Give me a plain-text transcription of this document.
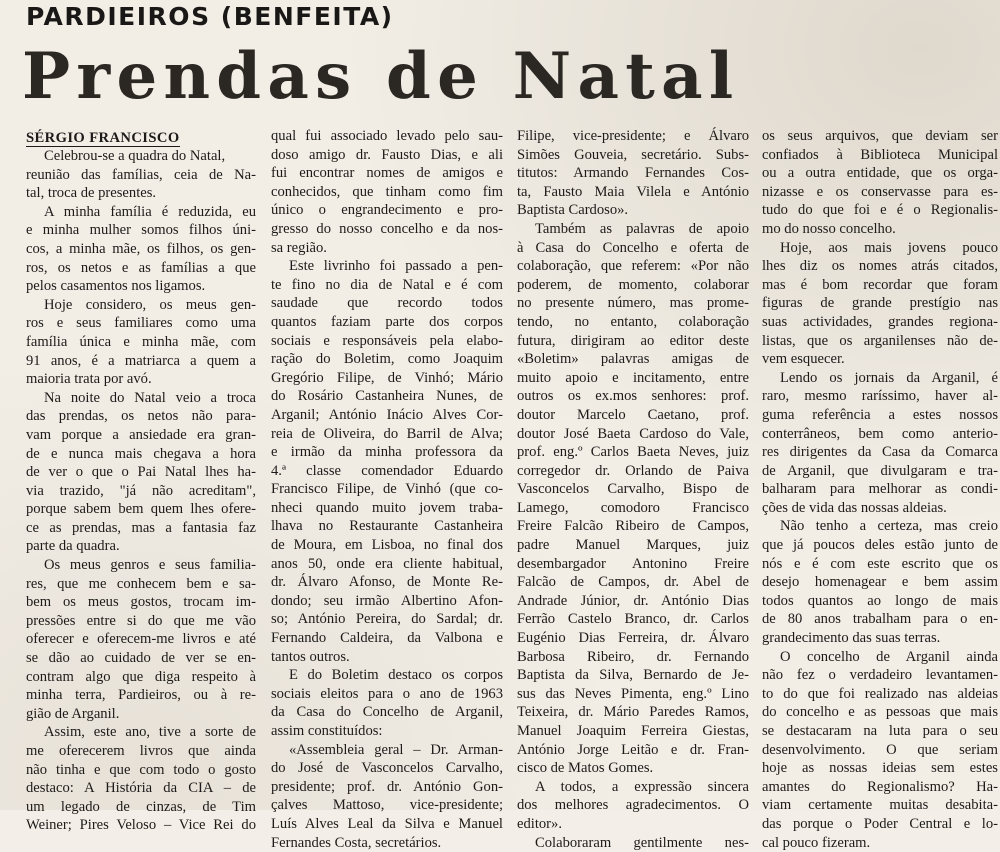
PARDIEIROS (BENFEITA)
Prendas de Natal
SÉRGIO FRANCISCO
Celebrou-se a quadra do Natal,
reunião das famílias, ceia de Na-
tal, troca de presentes.
A minha família é reduzida, eu
e minha mulher somos filhos úni-
cos, a minha mãe, os filhos, os gen-
ros, os netos e as famílias a que
pelos casamentos nos ligamos.
Hoje considero, os meus gen-
ros e seus familiares como uma
família única e minha mãe, com
91 anos, é a matriarca a quem a
maioria trata por avó.
Na noite do Natal veio a troca
das prendas, os netos não para-
vam porque a ansiedade era gran-
de e nunca mais chegava a hora
de ver o que o Pai Natal lhes ha-
via trazido, "já não acreditam",
porque sabem bem quem lhes ofere-
ce as prendas, mas a fantasia faz
parte da quadra.
Os meus genros e seus familia-
res, que me conhecem bem e sa-
bem os meus gostos, trocam im-
pressões entre si do que me vão
oferecer e oferecem-me livros e até
se dão ao cuidado de ver se en-
contram algo que diga respeito à
minha terra, Pardieiros, ou à re-
gião de Arganil.
Assim, este ano, tive a sorte de
me oferecerem livros que ainda
não tinha e que com todo o gosto
destaco: A História da CIA – de
um legado de cinzas, de Tim
Weiner; Pires Veloso – Vice Rei do
qual fui associado levado pelo sau-
doso amigo dr. Fausto Dias, e ali
fui encontrar nomes de amigos e
conhecidos, que tinham como fim
único o engrandecimento e pro-
gresso do nosso concelho e da nos-
sa região.
Este livrinho foi passado a pen-
te fino no dia de Natal e é com
saudade que recordo todos
quantos faziam parte dos corpos
sociais e responsáveis pela elabo-
ração do Boletim, como Joaquim
Gregório Filipe, de Vinhó; Mário
do Rosário Castanheira Nunes, de
Arganil; António Inácio Alves Cor-
reia de Oliveira, do Barril de Alva;
e irmão da minha professora da
4.ª classe comendador Eduardo
Francisco Filipe, de Vinhó (que co-
nheci quando muito jovem traba-
lhava no Restaurante Castanheira
de Moura, em Lisboa, no final dos
anos 50, onde era cliente habitual,
dr. Álvaro Afonso, de Monte Re-
dondo; seu irmão Albertino Afon-
so; António Pereira, do Sardal; dr.
Fernando Caldeira, da Valbona e
tantos outros.
E do Boletim destaco os corpos
sociais eleitos para o ano de 1963
da Casa do Concelho de Arganil,
assim constituídos:
«Assembleia geral – Dr. Arman-
do José de Vasconcelos Carvalho,
presidente; prof. dr. António Gon-
çalves Mattoso, vice-presidente;
Luís Alves Leal da Silva e Manuel
Fernandes Costa, secretários.
Filipe, vice-presidente; e Álvaro
Simões Gouveia, secretário. Subs-
titutos: Armando Fernandes Cos-
ta, Fausto Maia Vilela e António
Baptista Cardoso».
Também as palavras de apoio
à Casa do Concelho e oferta de
colaboração, que referem: «Por não
poderem, de momento, colaborar
no presente número, mas prome-
tendo, no entanto, colaboração
futura, dirigiram ao editor deste
«Boletim» palavras amigas de
muito apoio e incitamento, entre
outros os ex.mos senhores: prof.
doutor Marcelo Caetano, prof.
doutor José Baeta Cardoso do Vale,
prof. eng.º Carlos Baeta Neves, juiz
corregedor dr. Orlando de Paiva
Vasconcelos Carvalho, Bispo de
Lamego, comodoro Francisco
Freire Falcão Ribeiro de Campos,
padre Manuel Marques, juiz
desembargador Antonino Freire
Falcão de Campos, dr. Abel de
Andrade Júnior, dr. António Dias
Ferrão Castelo Branco, dr. Carlos
Eugénio Dias Ferreira, dr. Álvaro
Barbosa Ribeiro, dr. Fernando
Baptista da Silva, Bernardo de Je-
sus das Neves Pimenta, eng.º Lino
Teixeira, dr. Mário Paredes Ramos,
Manuel Joaquim Ferreira Giestas,
António Jorge Leitão e dr. Fran-
cisco de Matos Gomes.
A todos, a expressão sincera
dos melhores agradecimentos. O
editor».
Colaboraram gentilmente nes-
os seus arquivos, que deviam ser
confiados à Biblioteca Municipal
ou a outra entidade, que os orga-
nizasse e os conservasse para es-
tudo do que foi e é o Regionalis-
mo do nosso concelho.
Hoje, aos mais jovens pouco
lhes diz os nomes atrás citados,
mas é bom recordar que foram
figuras de grande prestígio nas
suas actividades, grandes regiona-
listas, que os arganilenses não de-
vem esquecer.
Lendo os jornais da Arganil, é
raro, mesmo raríssimo, haver al-
guma referência a estes nossos
conterrâneos, bem como anterio-
res dirigentes da Casa da Comarca
de Arganil, que divulgaram e tra-
balharam para melhorar as condi-
ções de vida das nossas aldeias.
Não tenho a certeza, mas creio
que já poucos deles estão junto de
nós e é com este escrito que os
desejo homenagear e bem assim
todos quantos ao longo de mais
de 80 anos trabalham para o en-
grandecimento das suas terras.
O concelho de Arganil ainda
não fez o verdadeiro levantamen-
to do que foi realizado nas aldeias
do concelho e as pessoas que mais
se destacaram na luta para o seu
desenvolvimento. O que seriam
hoje as nossas ideias sem estes
amantes do Regionalismo? Ha-
viam certamente muitas desabita-
das porque o Poder Central e lo-
cal pouco fizeram.
